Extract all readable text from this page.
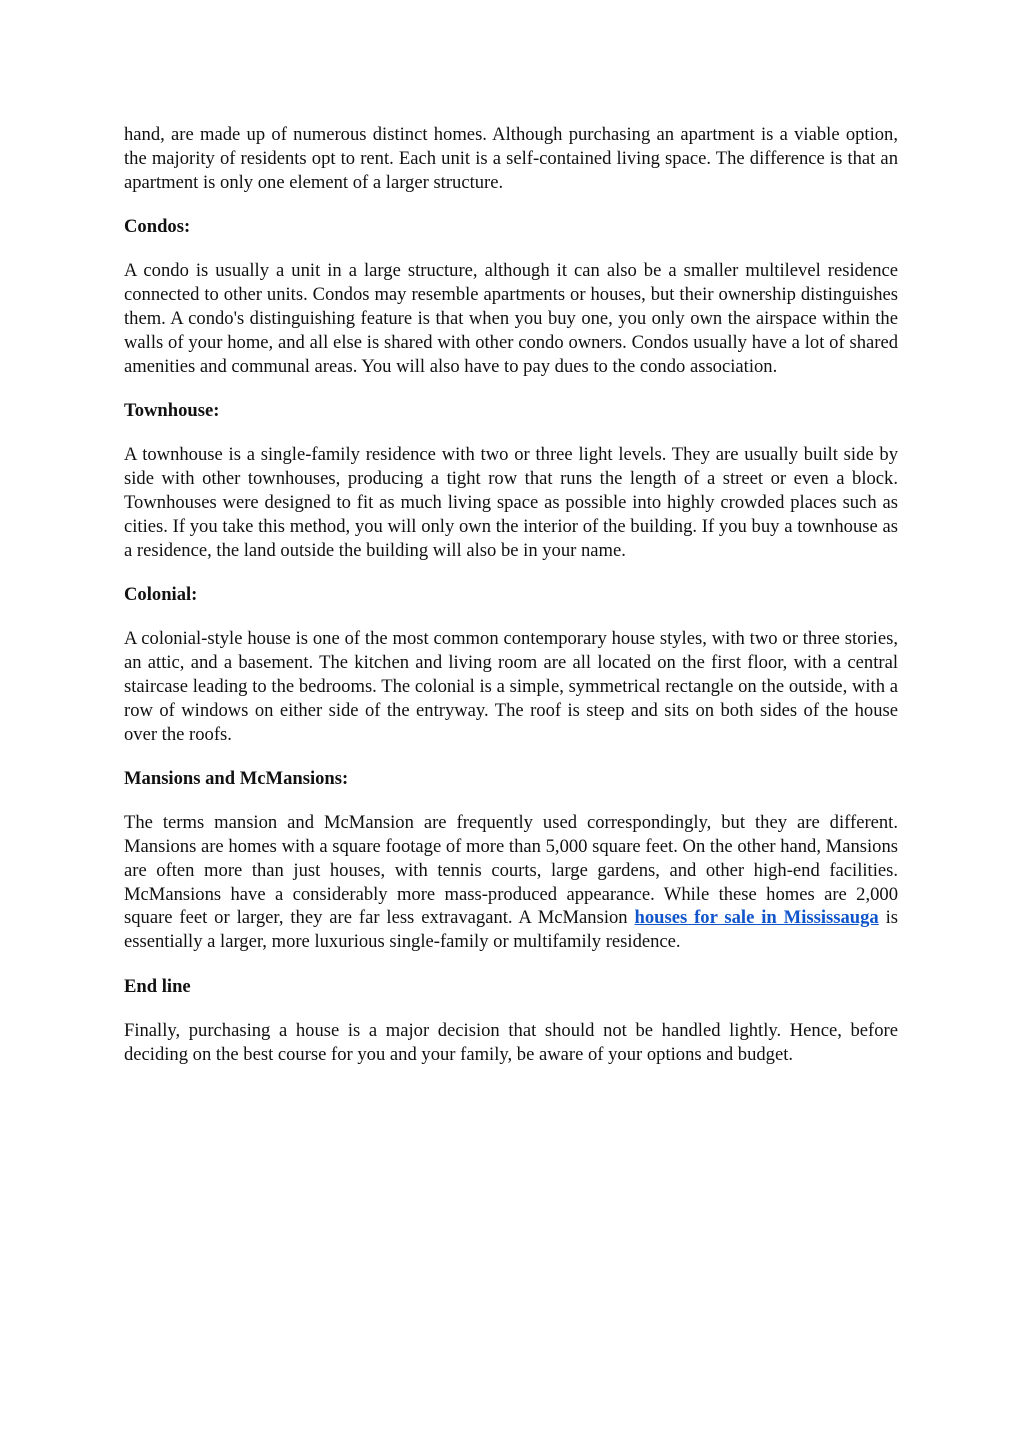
hand, are made up of numerous distinct homes. Although purchasing an apartment is a viable option, the majority of residents opt to rent. Each unit is a self-contained living space. The difference is that an apartment is only one element of a larger structure.

Condos:

A condo is usually a unit in a large structure, although it can also be a smaller multilevel residence connected to other units. Condos may resemble apartments or houses, but their ownership distinguishes them. A condo's distinguishing feature is that when you buy one, you only own the airspace within the walls of your home, and all else is shared with other condo owners. Condos usually have a lot of shared amenities and communal areas. You will also have to pay dues to the condo association.

Townhouse:

A townhouse is a single-family residence with two or three light levels. They are usually built side by side with other townhouses, producing a tight row that runs the length of a street or even a block. Townhouses were designed to fit as much living space as possible into highly crowded places such as cities. If you take this method, you will only own the interior of the building. If you buy a townhouse as a residence, the land outside the building will also be in your name.

Colonial:

A colonial-style house is one of the most common contemporary house styles, with two or three stories, an attic, and a basement. The kitchen and living room are all located on the first floor, with a central staircase leading to the bedrooms. The colonial is a simple, symmetrical rectangle on the outside, with a row of windows on either side of the entryway. The roof is steep and sits on both sides of the house over the roofs.

Mansions and McMansions:

The terms mansion and McMansion are frequently used correspondingly, but they are different. Mansions are homes with a square footage of more than 5,000 square feet. On the other hand, Mansions are often more than just houses, with tennis courts, large gardens, and other high-end facilities. McMansions have a considerably more mass-produced appearance. While these homes are 2,000 square feet or larger, they are far less extravagant. A McMansion houses for sale in Mississauga is essentially a larger, more luxurious single-family or multifamily residence.

End line

Finally, purchasing a house is a major decision that should not be handled lightly. Hence, before deciding on the best course for you and your family, be aware of your options and budget.
